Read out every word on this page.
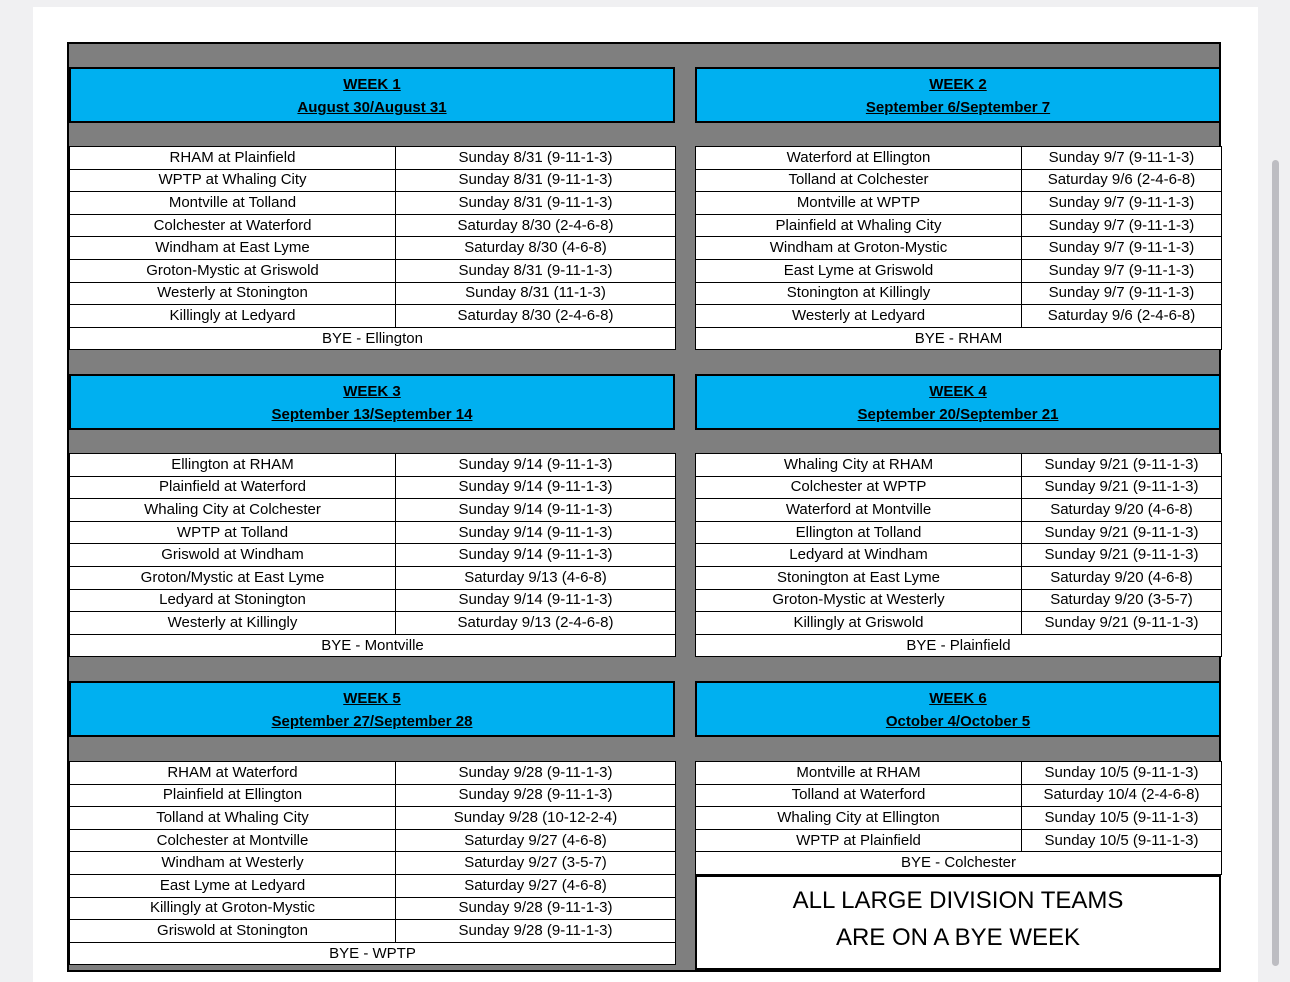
WEEK 1
August 30/August 31
RHAM at Plainfield	Sunday 8/31 (9-11-1-3)
WPTP at Whaling City	Sunday 8/31 (9-11-1-3)
Montville at Tolland	Sunday 8/31 (9-11-1-3)
Colchester at Waterford	Saturday 8/30 (2-4-6-8)
Windham at East Lyme	Saturday 8/30 (4-6-8)
Groton-Mystic at Griswold	Sunday 8/31 (9-11-1-3)
Westerly at Stonington	Sunday 8/31 (11-1-3)
Killingly at Ledyard	Saturday 8/30 (2-4-6-8)
BYE - Ellington	
WEEK 2
September 6/September 7
Waterford at Ellington	Sunday 9/7 (9-11-1-3)
Tolland at Colchester	Saturday 9/6 (2-4-6-8)
Montville at WPTP	Sunday 9/7 (9-11-1-3)
Plainfield at Whaling City	Sunday 9/7 (9-11-1-3)
Windham at Groton-Mystic	Sunday 9/7 (9-11-1-3)
East Lyme at Griswold	Sunday 9/7 (9-11-1-3)
Stonington at Killingly	Sunday 9/7 (9-11-1-3)
Westerly at Ledyard	Saturday 9/6 (2-4-6-8)
BYE - RHAM	
WEEK 3
September 13/September 14
Ellington at RHAM	Sunday 9/14 (9-11-1-3)
Plainfield at Waterford	Sunday 9/14 (9-11-1-3)
Whaling City at Colchester	Sunday 9/14 (9-11-1-3)
WPTP at Tolland	Sunday 9/14 (9-11-1-3)
Griswold at Windham	Sunday 9/14 (9-11-1-3)
Groton/Mystic at East Lyme	Saturday 9/13 (4-6-8)
Ledyard at Stonington	Sunday 9/14 (9-11-1-3)
Westerly at Killingly	Saturday 9/13 (2-4-6-8)
BYE - Montville	
WEEK 4
September 20/September 21
Whaling City at RHAM	Sunday 9/21 (9-11-1-3)
Colchester at WPTP	Sunday 9/21 (9-11-1-3)
Waterford at Montville	Saturday 9/20 (4-6-8)
Ellington at Tolland	Sunday 9/21 (9-11-1-3)
Ledyard at Windham	Sunday 9/21 (9-11-1-3)
Stonington at East Lyme	Saturday 9/20 (4-6-8)
Groton-Mystic at Westerly	Saturday 9/20 (3-5-7)
Killingly at Griswold	Sunday 9/21 (9-11-1-3)
BYE - Plainfield	
WEEK 5
September 27/September 28
RHAM at Waterford	Sunday 9/28 (9-11-1-3)
Plainfield at Ellington	Sunday 9/28 (9-11-1-3)
Tolland at Whaling City	Sunday 9/28 (10-12-2-4)
Colchester at Montville	Saturday 9/27 (4-6-8)
Windham at Westerly	Saturday 9/27 (3-5-7)
East Lyme at Ledyard	Saturday 9/27 (4-6-8)
Killingly at Groton-Mystic	Sunday 9/28 (9-11-1-3)
Griswold at Stonington	Sunday 9/28 (9-11-1-3)
BYE - WPTP	
WEEK 6
October 4/October 5
Montville at RHAM	Sunday 10/5 (9-11-1-3)
Tolland at Waterford	Saturday 10/4 (2-4-6-8)
Whaling City at Ellington	Sunday 10/5 (9-11-1-3)
WPTP at Plainfield	Sunday 10/5 (9-11-1-3)
BYE - Colchester	
ALL LARGE DIVISION TEAMS
ARE ON A BYE WEEK
